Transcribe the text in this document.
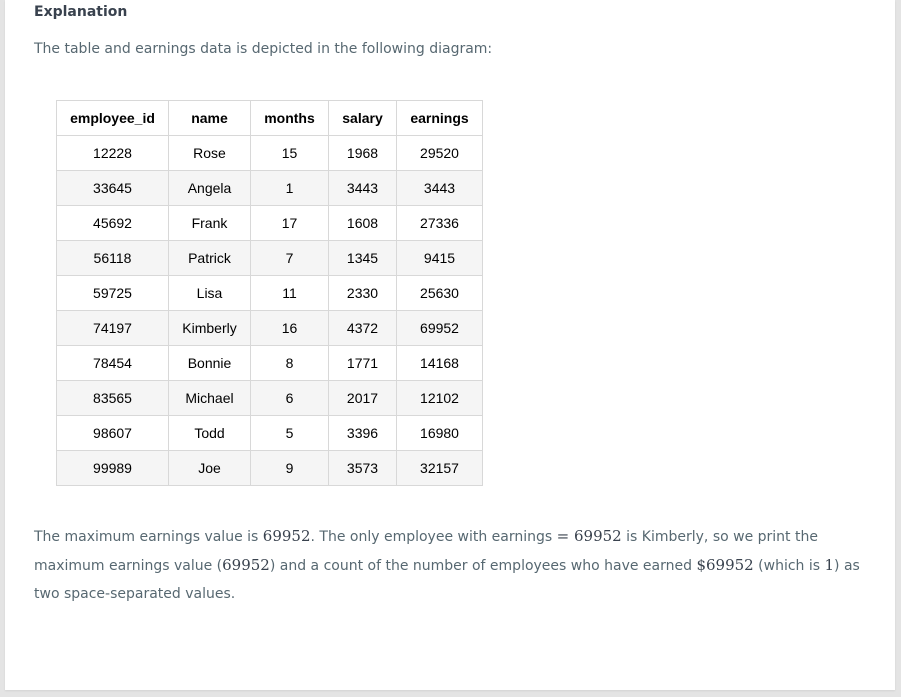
Explanation
The table and earnings data is depicted in the following diagram:
employee_id	name	months	salary	earnings
12228	Rose	15	1968	29520
33645	Angela	1	3443	3443
45692	Frank	17	1608	27336
56118	Patrick	7	1345	9415
59725	Lisa	11	2330	25630
74197	Kimberly	16	4372	69952
78454	Bonnie	8	1771	14168
83565	Michael	6	2017	12102
98607	Todd	5	3396	16980
99989	Joe	9	3573	32157
The maximum earnings value is 69952. The only employee with earnings = 69952 is Kimberly, so we print the maximum earnings value (69952) and a count of the number of employees who have earned $69952 (which is 1) as two space-separated values.
